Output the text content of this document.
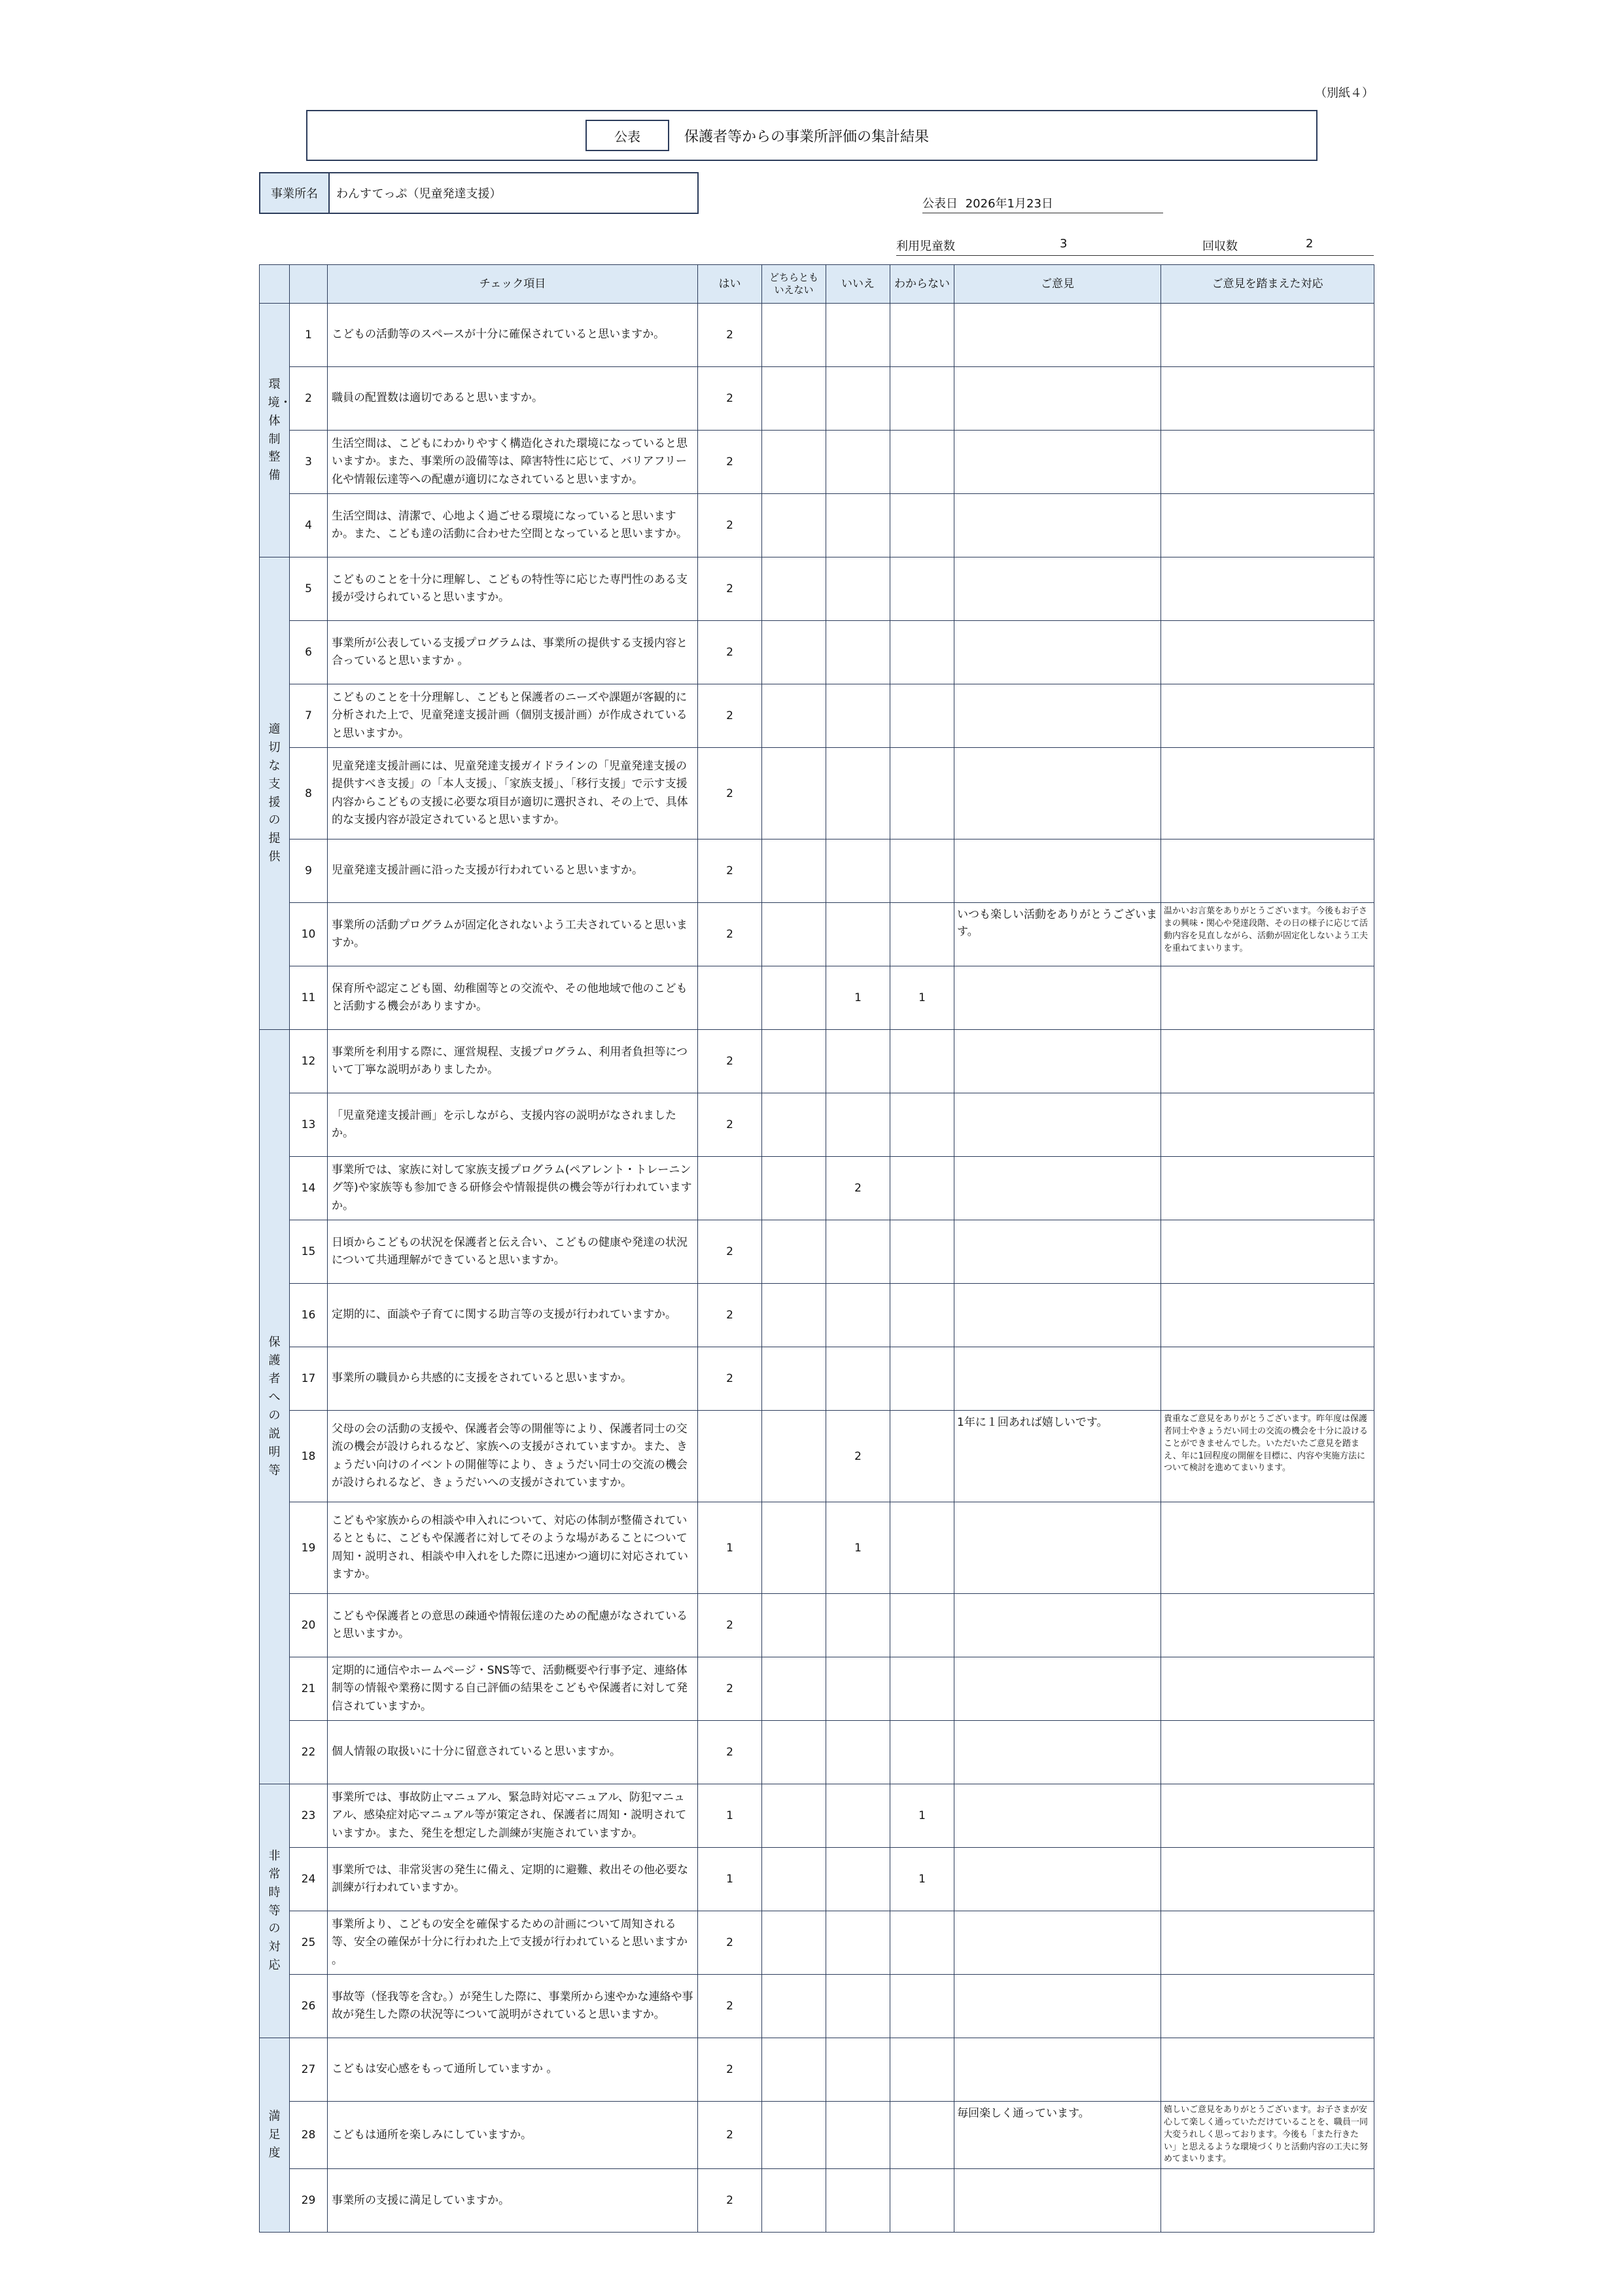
（別紙４）
公表	保護者等からの事業所評価の集計結果
事業所名	わんすてっぷ（児童発達支援）
公表日 2026年1月23日
利用児童数	3	回収数	2
		チェック項目	はい	どちらとも いえない	いいえ	わからない	ご意見	ご意見を踏まえた対応
環境・体制整備	1	こどもの活動等のスペースが十分に確保されていると思いますか。	2					
	2	職員の配置数は適切であると思いますか。	2					
	3	生活空間は、こどもにわかりやすく構造化された環境になっていると思いますか。また、事業所の設備等は、障害特性に応じて、バリアフリー化や情報伝達等への配慮が適切になされていると思いますか。	2					
	4	生活空間は、清潔で、心地よく過ごせる環境になっていると思いますか。また、こども達の活動に合わせた空間となっていると思いますか。	2					
適切な支援の提供	5	こどものことを十分に理解し、こどもの特性等に応じた専門性のある支援が受けられていると思いますか。	2					
	6	事業所が公表している支援プログラムは、事業所の提供する支援内容と合っていると思いますか 。	2					
	7	こどものことを十分理解し、こどもと保護者のニーズや課題が客観的に分析された上で、児童発達支援計画（個別支援計画）が作成されていると思いますか。	2					
	8	児童発達支援計画には、児童発達支援ガイドラインの「児童発達支援の提供すべき支援」の「本人支援」、「家族支援」、「移行支援」で示す支援内容からこどもの支援に必要な項目が適切に選択され、その上で、具体的な支援内容が設定されていると思いますか。	2					
	9	児童発達支援計画に沿った支援が行われていると思いますか。	2					
	10	事業所の活動プログラムが固定化されないよう工夫されていると思いますか。	2				いつも楽しい活動をありがとうございます。	温かいお言葉をありがとうございます。今後もお子さまの興味・関心や発達段階、その日の様子に応じて活動内容を見直しながら、活動が固定化しないよう工夫を重ねてまいります。
	11	保育所や認定こども園、幼稚園等との交流や、その他地域で他のこどもと活動する機会がありますか。			1	1		
保護者への説明等	12	事業所を利用する際に、運営規程、支援プログラム、利用者負担等について丁寧な説明がありましたか。	2					
	13	「児童発達支援計画」を示しながら、支援内容の説明がなされましたか。	2					
	14	事業所では、家族に対して家族支援プログラム(ペアレント・トレーニング等)や家族等も参加できる研修会や情報提供の機会等が行われていますか。			2			
	15	日頃からこどもの状況を保護者と伝え合い、こどもの健康や発達の状況について共通理解ができていると思いますか。	2					
	16	定期的に、面談や子育てに関する助言等の支援が行われていますか。	2					
	17	事業所の職員から共感的に支援をされていると思いますか。	2					
	18	父母の会の活動の支援や、保護者会等の開催等により、保護者同士の交流の機会が設けられるなど、家族への支援がされていますか。また、きょうだい向けのイベントの開催等により、きょうだい同士の交流の機会が設けられるなど、きょうだいへの支援がされていますか。			2		1年に１回あれば嬉しいです。	貴重なご意見をありがとうございます。昨年度は保護者同士やきょうだい同士の交流の機会を十分に設けることができませんでした。いただいたご意見を踏まえ、年に1回程度の開催を目標に、内容や実施方法について検討を進めてまいります。
	19	こどもや家族からの相談や申入れについて、対応の体制が整備されているとともに、こどもや保護者に対してそのような場があることについて周知・説明され、相談や申入れをした際に迅速かつ適切に対応されていますか。	1		1			
	20	こどもや保護者との意思の疎通や情報伝達のための配慮がなされていると思いますか。	2					
	21	定期的に通信やホームページ・SNS等で、活動概要や行事予定、連絡体制等の情報や業務に関する自己評価の結果をこどもや保護者に対して発信されていますか。	2					
	22	個人情報の取扱いに十分に留意されていると思いますか。	2					
非常時等の対応	23	事業所では、事故防止マニュアル、緊急時対応マニュアル、防犯マニュアル、感染症対応マニュアル等が策定され、保護者に周知・説明されていますか。また、発生を想定した訓練が実施されていますか。	1			1		
	24	事業所では、非常災害の発生に備え、定期的に避難、救出その他必要な訓練が行われていますか。	1			1		
	25	事業所より、こどもの安全を確保するための計画について周知される等、安全の確保が十分に行われた上で支援が行われていると思いますか 。	2					
	26	事故等（怪我等を含む。）が発生した際に、事業所から速やかな連絡や事故が発生した際の状況等について説明がされていると思いますか。	2					
満足度	27	こどもは安心感をもって通所していますか 。	2					
	28	こどもは通所を楽しみにしていますか。	2				毎回楽しく通っています。	嬉しいご意見をありがとうございます。お子さまが安心して楽しく通っていただけていることを、職員一同大変うれしく思っております。今後も「また行きたい」と思えるような環境づくりと活動内容の工夫に努めてまいります。
	29	事業所の支援に満足していますか。	2					
